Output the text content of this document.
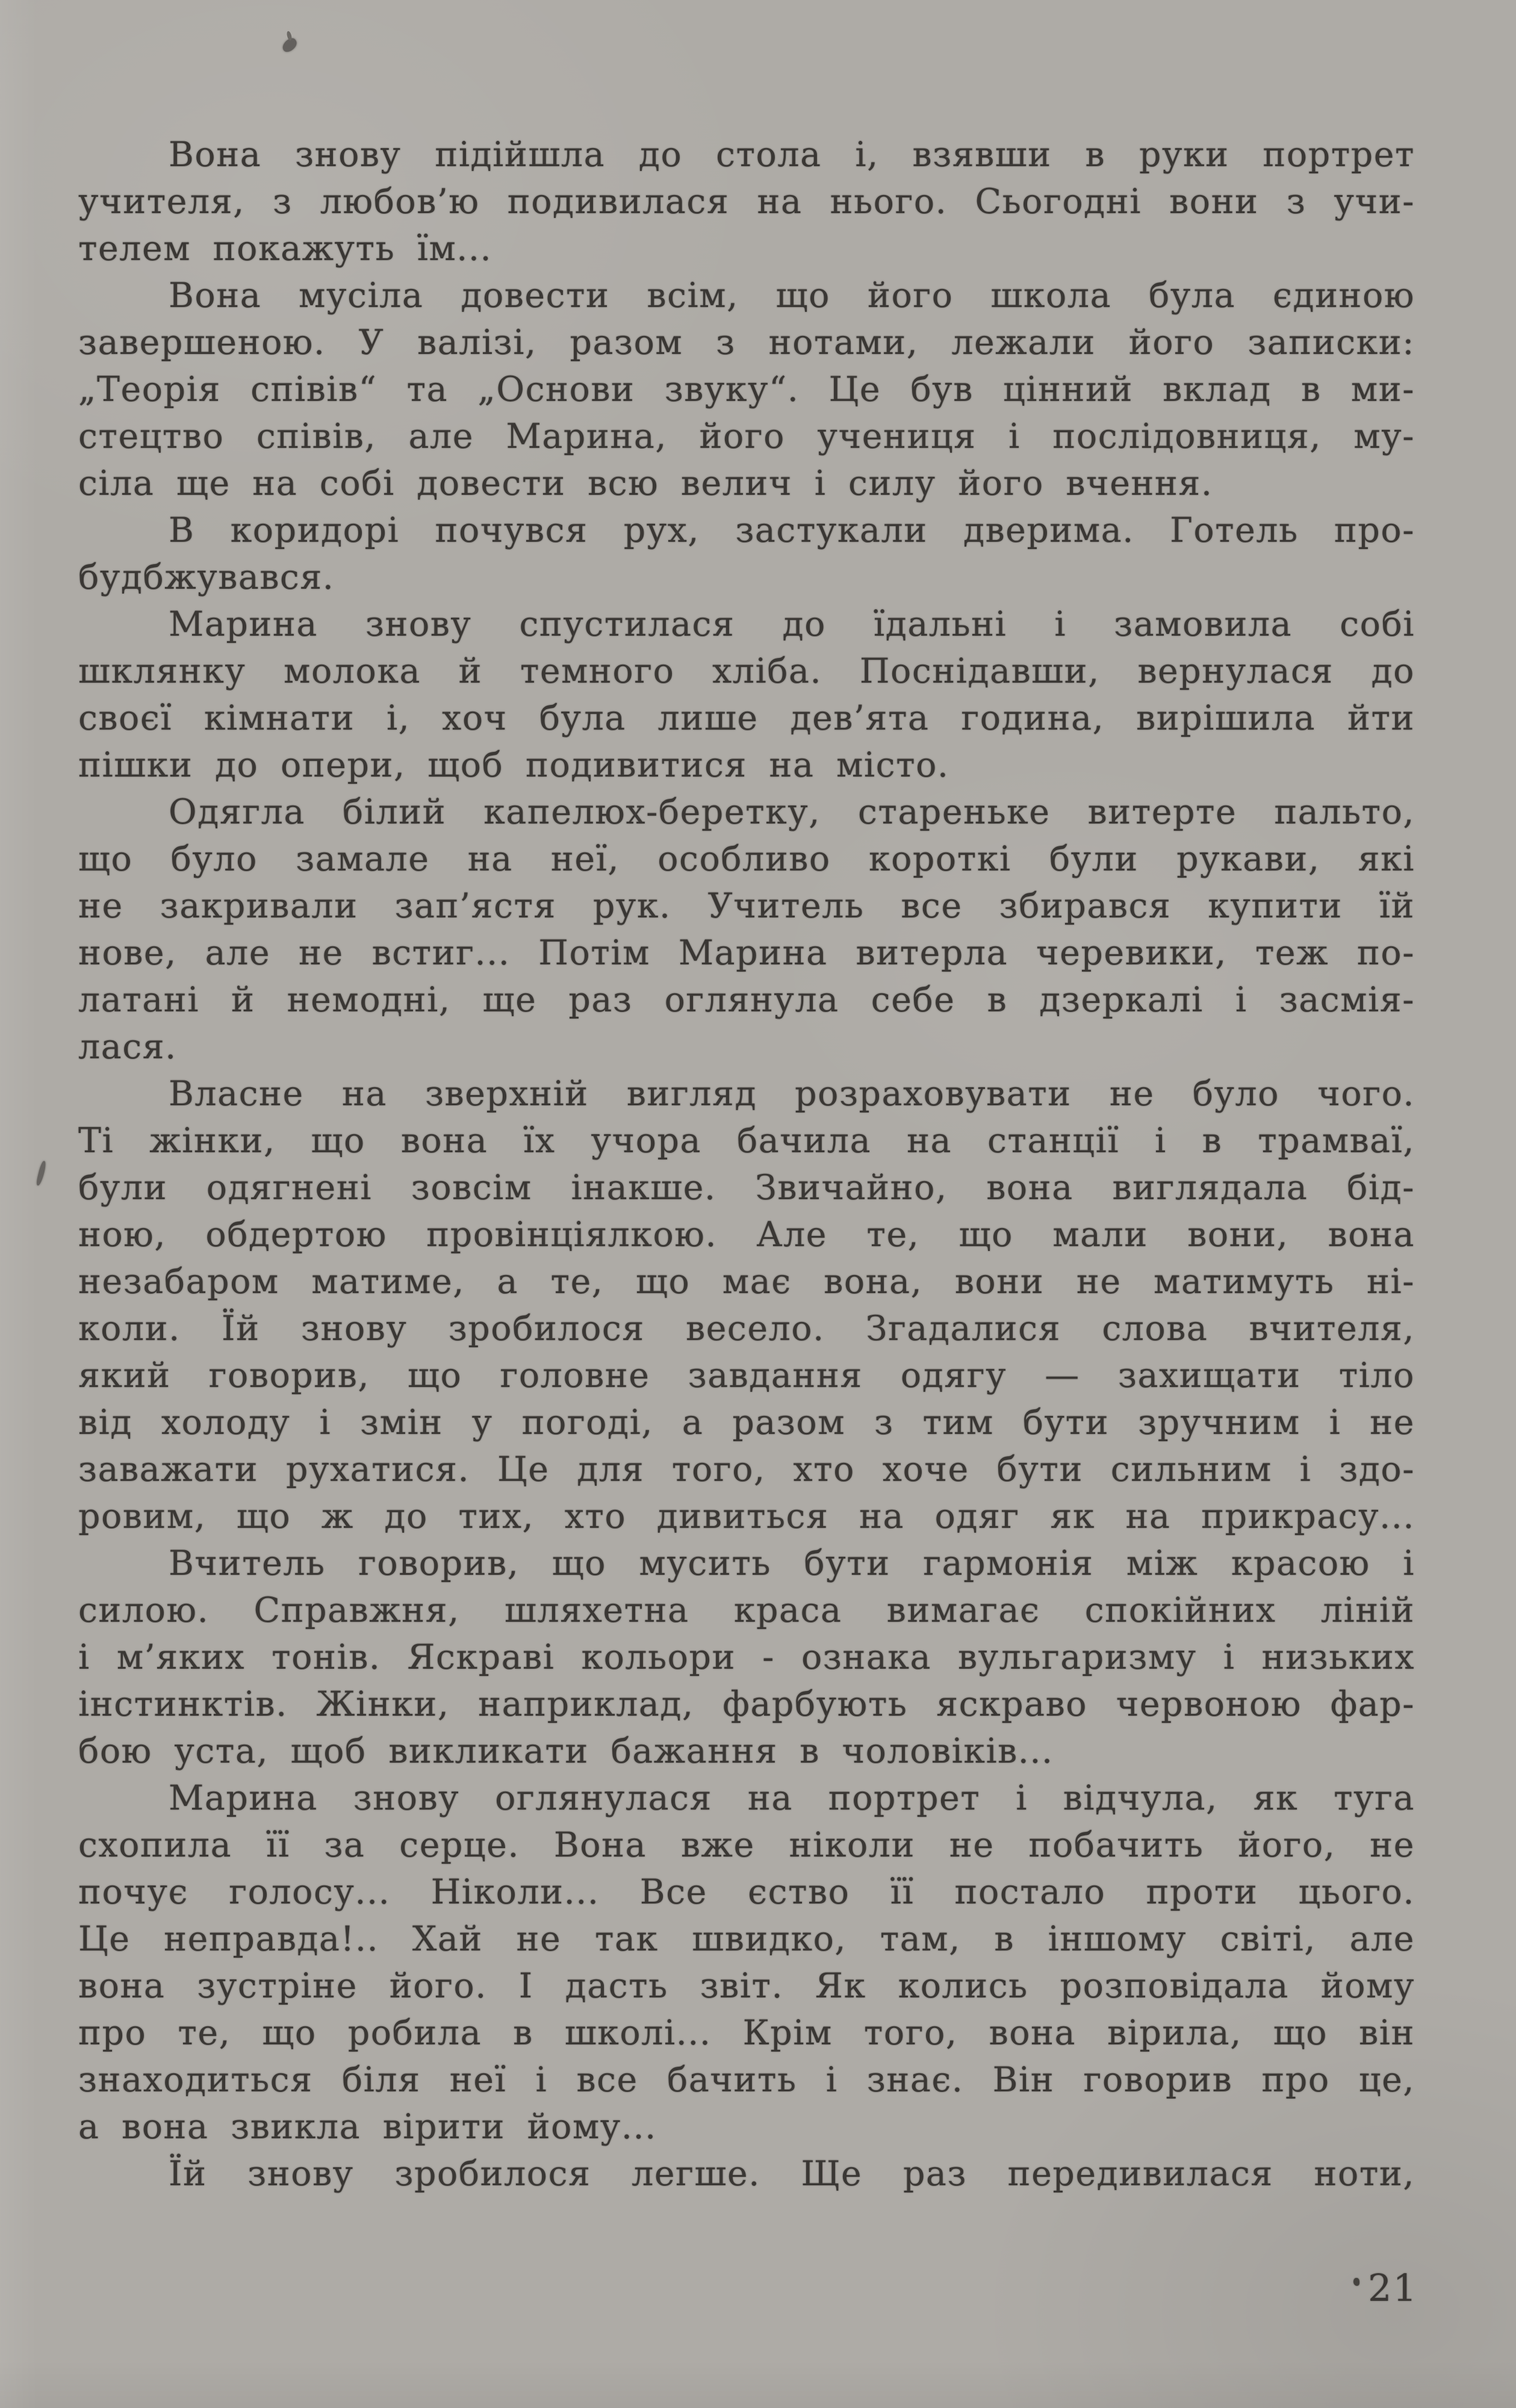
Вона знову підійшла до стола і, взявши в руки портрет
учителя, з любов’ю подивилася на нього. Сьогодні вони з учи-
телем покажуть їм...
Вона мусіла довести всім, що його школа була єдиною
завершеною. У валізі, разом з нотами, лежали його записки:
„Теорія співів“ та „Основи звуку“. Це був цінний вклад в ми-
стецтво співів, але Марина, його учениця і послідовниця, му-
сіла ще на собі довести всю велич і силу його вчення.
В коридорі почувся рух, застукали дверима. Готель про-
будбжувався.
Марина знову спустилася до їдальні і замовила собі
шклянку молока й темного хліба. Поснідавши, вернулася до
своєї кімнати і, хоч була лише дев’ята година, вирішила йти
пішки до опери, щоб подивитися на місто.
Одягла білий капелюх-беретку, стареньке витерте пальто,
що було замале на неї, особливо короткі були рукави, які
не закривали зап’ястя рук. Учитель все збирався купити їй
нове, але не встиг... Потім Марина витерла черевики, теж по-
латані й немодні, ще раз оглянула себе в дзеркалі і засмія-
лася.
Власне на зверхній вигляд розраховувати не було чого.
Ті жінки, що вона їх учора бачила на станції і в трамваї,
були одягнені зовсім інакше. Звичайно, вона виглядала бід-
ною, обдертою провінціялкою. Але те, що мали вони, вона
незабаром матиме, а те, що має вона, вони не матимуть ні-
коли. Їй знову зробилося весело. Згадалися слова вчителя,
який говорив, що головне завдання одягу — захищати тіло
від холоду і змін у погоді, а разом з тим бути зручним і не
заважати рухатися. Це для того, хто хоче бути сильним і здо-
ровим, що ж до тих, хто дивиться на одяг як на прикрасу...
Вчитель говорив, що мусить бути гармонія між красою і
силою. Справжня, шляхетна краса вимагає спокійних ліній
і м’яких тонів. Яскраві кольори - ознака вульгаризму і низьких
інстинктів. Жінки, наприклад, фарбують яскраво червоною фар-
бою уста, щоб викликати бажання в чоловіків...
Марина знову оглянулася на портрет і відчула, як туга
схопила її за серце. Вона вже ніколи не побачить його, не
почує голосу... Ніколи... Все єство її постало проти цього.
Це неправда!.. Хай не так швидко, там, в іншому світі, але
вона зустріне його. І дасть звіт. Як колись розповідала йому
про те, що робила в школі... Крім того, вона вірила, що він
знаходиться біля неї і все бачить і знає. Він говорив про це,
а вона звикла вірити йому...
Їй знову зробилося легше. Ще раз передивилася ноти,
21
